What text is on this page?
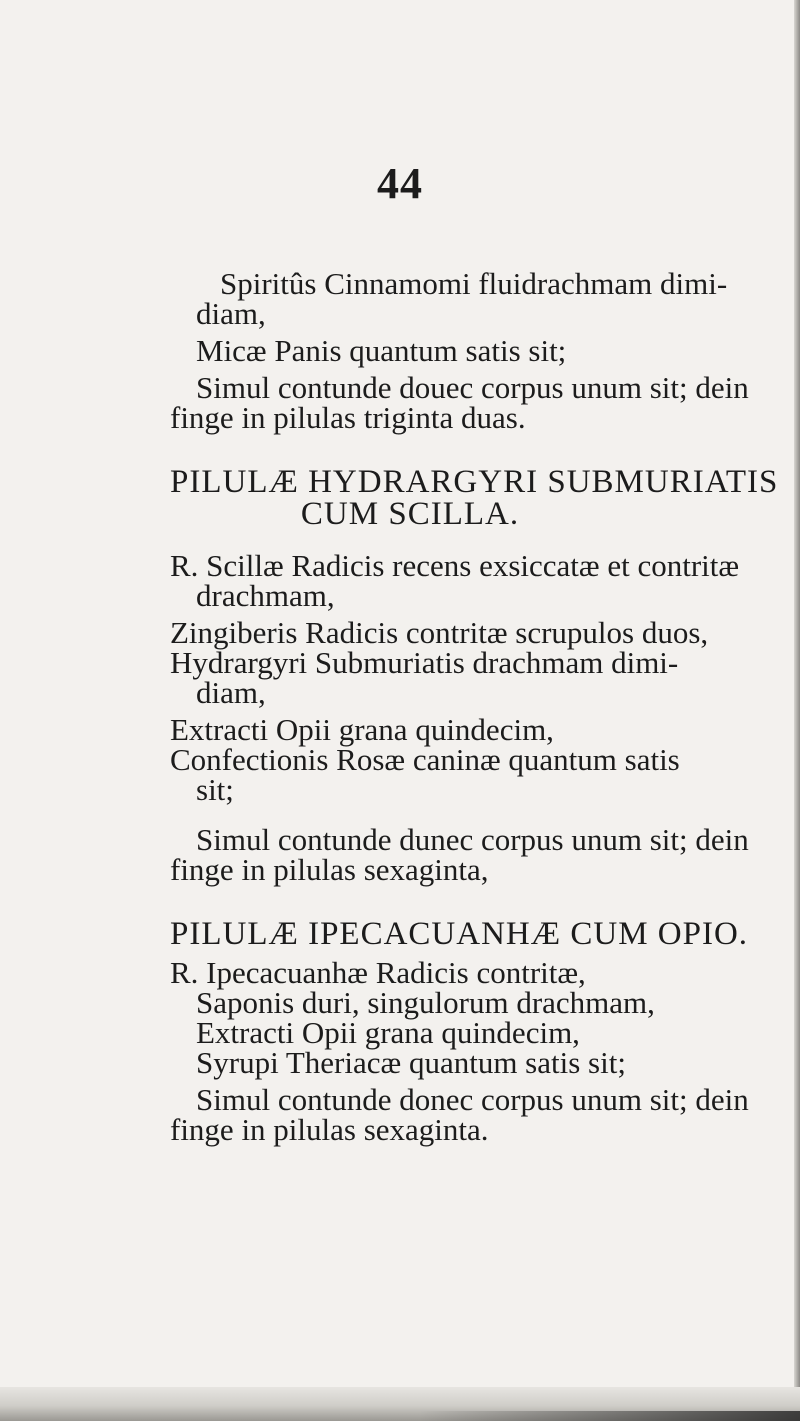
44
Spiritûs Cinnamomi fluidrachmam dimi-
diam,
Micæ Panis quantum satis sit;
Simul contunde douec corpus unum sit; dein
finge in pilulas triginta duas.
PILULÆ HYDRARGYRI SUBMURIATIS
CUM SCILLA.
R. Scillæ Radicis recens exsiccatæ et contritæ
drachmam,
Zingiberis Radicis contritæ scrupulos duos,
Hydrargyri Submuriatis drachmam dimi-
diam,
Extracti Opii grana quindecim,
Confectionis Rosæ caninæ quantum satis
sit;
Simul contunde dunec corpus unum sit; dein
finge in pilulas sexaginta,
PILULÆ IPECACUANHÆ CUM OPIO.
R. Ipecacuanhæ Radicis contritæ,
Saponis duri, singulorum drachmam,
Extracti Opii grana quindecim,
Syrupi Theriacæ quantum satis sit;
Simul contunde donec corpus unum sit; dein
finge in pilulas sexaginta.
